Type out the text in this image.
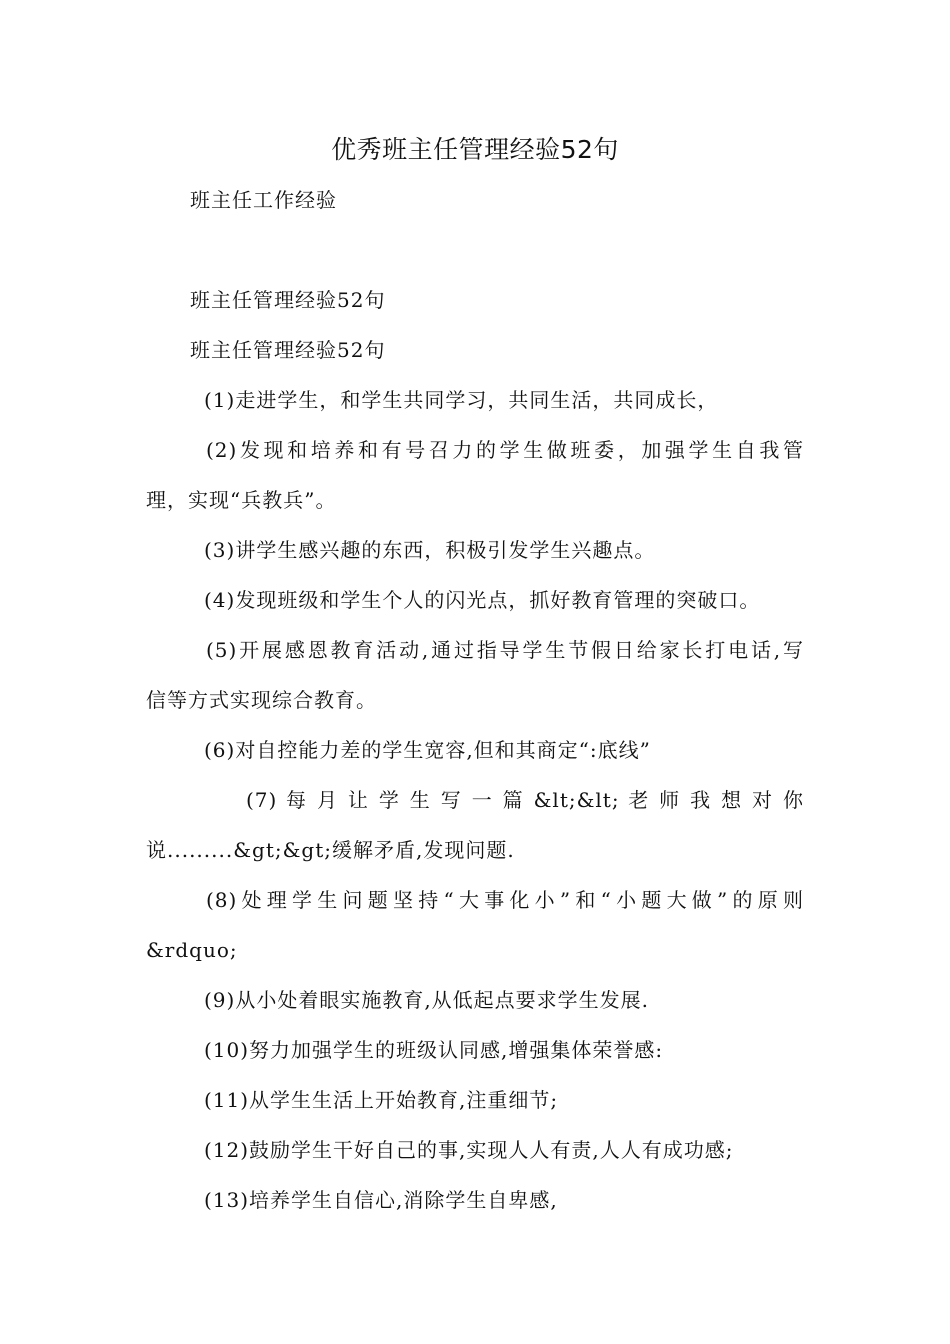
优秀班主任管理经验52句
班主任工作经验
班主任管理经验52句
班主任管理经验52句
(1)走进学生，和学生共同学习，共同生活，共同成长，
(2)发现和培养和有号召力的学生做班委，加强学生自我管
理，实现“兵教兵”。
(3)讲学生感兴趣的东西，积极引发学生兴趣点。
(4)发现班级和学生个人的闪光点，抓好教育管理的突破口。
(5)开展感恩教育活动,通过指导学生节假日给家长打电话,写
信等方式实现综合教育。
(6)对自控能力差的学生宽容,但和其商定“:底线”
(7) 每 月 让 学 生 写 一 篇 &lt;&lt; 老 师 我 想 对 你
说.........&gt;&gt;缓解矛盾,发现问题.
(8)处理学生问题坚持“大事化小”和“小题大做”的原则
&rdquo;
(9)从小处着眼实施教育,从低起点要求学生发展.
(10)努力加强学生的班级认同感,增强集体荣誉感:
(11)从学生生活上开始教育,注重细节;
(12)鼓励学生干好自己的事,实现人人有责,人人有成功感;
(13)培养学生自信心,消除学生自卑感,
